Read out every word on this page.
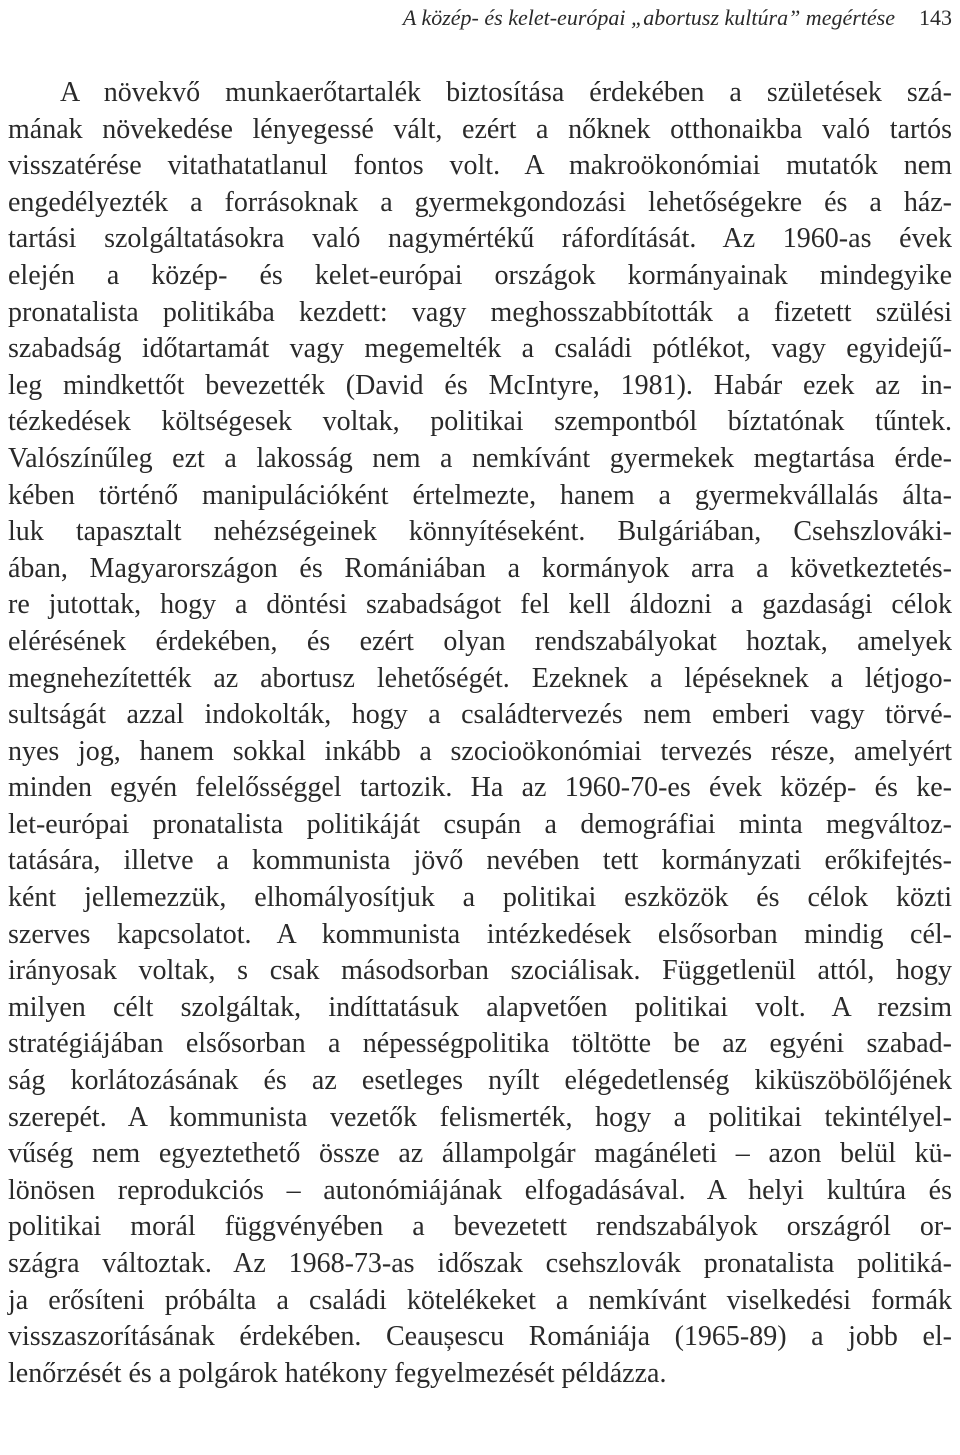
A közép- és kelet-európai „abortusz kultúra” megértése 143
A növekvő munkaerőtartalék biztosítása érdekében a születések szá-
mának növekedése lényegessé vált, ezért a nőknek otthonaikba való tartós
visszatérése vitathatatlanul fontos volt. A makroökonómiai mutatók nem
engedélyezték a forrásoknak a gyermekgondozási lehetőségekre és a ház-
tartási szolgáltatásokra való nagymértékű ráfordítását. Az 1960-as évek
elején a közép- és kelet-európai országok kormányainak mindegyike
pronatalista politikába kezdett: vagy meghosszabbították a fizetett szülési
szabadság időtartamát vagy megemelték a családi pótlékot, vagy egyidejű-
leg mindkettőt bevezették (David és McIntyre, 1981). Habár ezek az in-
tézkedések költségesek voltak, politikai szempontból bíztatónak tűntek.
Valószínűleg ezt a lakosság nem a nemkívánt gyermekek megtartása érde-
kében történő manipulációként értelmezte, hanem a gyermekvállalás álta-
luk tapasztalt nehézségeinek könnyítéseként. Bulgáriában, Csehszlováki-
ában, Magyarországon és Romániában a kormányok arra a következtetés-
re jutottak, hogy a döntési szabadságot fel kell áldozni a gazdasági célok
elérésének érdekében, és ezért olyan rendszabályokat hoztak, amelyek
megnehezítették az abortusz lehetőségét. Ezeknek a lépéseknek a létjogo-
sultságát azzal indokolták, hogy a családtervezés nem emberi vagy törvé-
nyes jog, hanem sokkal inkább a szocioökonómiai tervezés része, amelyért
minden egyén felelősséggel tartozik. Ha az 1960-70-es évek közép- és ke-
let-európai pronatalista politikáját csupán a demográfiai minta megváltoz-
tatására, illetve a kommunista jövő nevében tett kormányzati erőkifejtés-
ként jellemezzük, elhomályosítjuk a politikai eszközök és célok közti
szerves kapcsolatot. A kommunista intézkedések elsősorban mindig cél-
irányosak voltak, s csak másodsorban szociálisak. Függetlenül attól, hogy
milyen célt szolgáltak, indíttatásuk alapvetően politikai volt. A rezsim
stratégiájában elsősorban a népességpolitika töltötte be az egyéni szabad-
ság korlátozásának és az esetleges nyílt elégedetlenség kiküszöbölőjének
szerepét. A kommunista vezetők felismerték, hogy a politikai tekintélyel-
vűség nem egyeztethető össze az állampolgár magánéleti – azon belül kü-
lönösen reprodukciós – autonómiájának elfogadásával. A helyi kultúra és
politikai morál függvényében a bevezetett rendszabályok országról or-
szágra változtak. Az 1968-73-as időszak csehszlovák pronatalista politiká-
ja erősíteni próbálta a családi kötelékeket a nemkívánt viselkedési formák
visszaszorításának érdekében. Ceaușescu Romániája (1965-89) a jobb el-
lenőrzését és a polgárok hatékony fegyelmezését példázza.
